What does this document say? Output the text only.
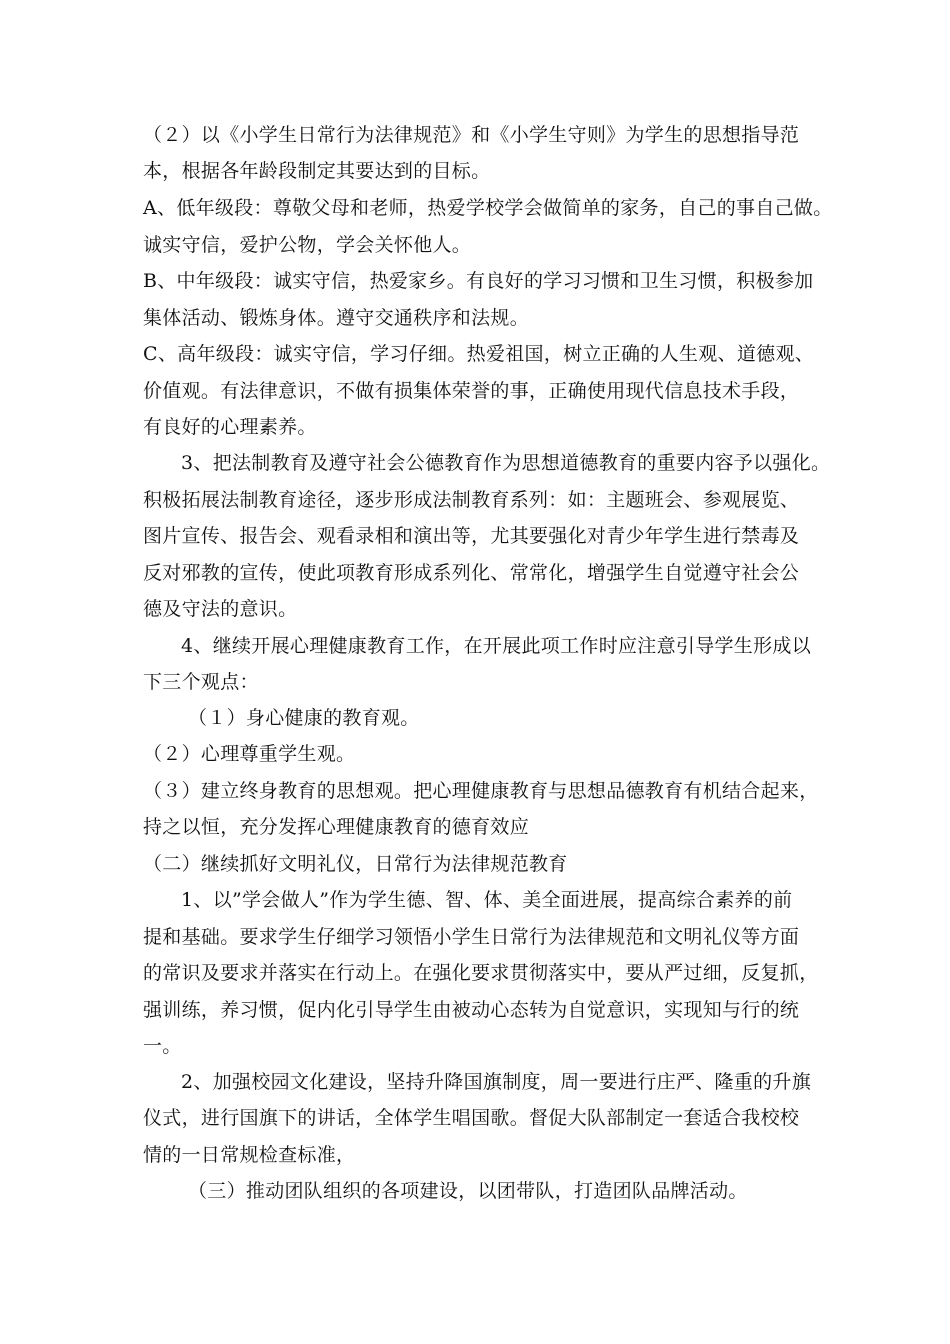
（２）以《小学生日常行为法律规范》和《小学生守则》为学生的思想指导范
本，根据各年龄段制定其要达到的目标。
A、低年级段：尊敬父母和老师，热爱学校学会做简单的家务，自己的事自己做。
诚实守信，爱护公物，学会关怀他人。
B、中年级段：诚实守信，热爱家乡。有良好的学习习惯和卫生习惯，积极参加
集体活动、锻炼身体。遵守交通秩序和法规。
C、高年级段：诚实守信，学习仔细。热爱祖国，树立正确的人生观、道德观、
价值观。有法律意识，不做有损集体荣誉的事，正确使用现代信息技术手段，
有良好的心理素养。
3、把法制教育及遵守社会公德教育作为思想道德教育的重要内容予以强化。
积极拓展法制教育途径，逐步形成法制教育系列：如：主题班会、参观展览、
图片宣传、报告会、观看录相和演出等，尤其要强化对青少年学生进行禁毒及
反对邪教的宣传，使此项教育形成系列化、常常化，增强学生自觉遵守社会公
德及守法的意识。
4、继续开展心理健康教育工作，在开展此项工作时应注意引导学生形成以
下三个观点：
（１）身心健康的教育观。
（２）心理尊重学生观。
（３）建立终身教育的思想观。把心理健康教育与思想品德教育有机结合起来，
持之以恒，充分发挥心理健康教育的德育效应
（二）继续抓好文明礼仪，日常行为法律规范教育
1、以”学会做人”作为学生德、智、体、美全面进展，提高综合素养的前
提和基础。要求学生仔细学习领悟小学生日常行为法律规范和文明礼仪等方面
的常识及要求并落实在行动上。在强化要求贯彻落实中，要从严过细，反复抓，
强训练，养习惯，促内化引导学生由被动心态转为自觉意识，实现知与行的统
一。
2、加强校园文化建设，坚持升降国旗制度，周一要进行庄严、隆重的升旗
仪式，进行国旗下的讲话，全体学生唱国歌。督促大队部制定一套适合我校校
情的一日常规检查标准，
（三）推动团队组织的各项建设，以团带队，打造团队品牌活动。
